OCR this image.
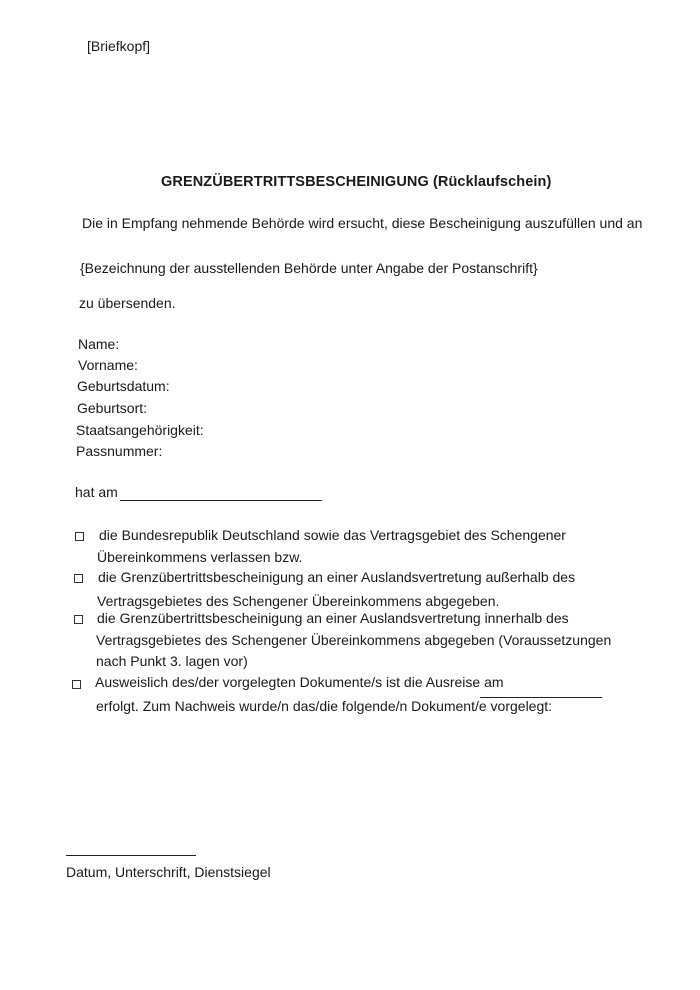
[Briefkopf]
GRENZÜBERTRITTSBESCHEINIGUNG (Rücklaufschein)
Die in Empfang nehmende Behörde wird ersucht, diese Bescheinigung auszufüllen und an
{Bezeichnung der ausstellenden Behörde unter Angabe der Postanschrift}
zu übersenden.
Name:
Vorname:
Geburtsdatum:
Geburtsort:
Staatsangehörigkeit:
Passnummer:
hat am
die Bundesrepublik Deutschland sowie das Vertragsgebiet des Schengener
Übereinkommens verlassen bzw.
die Grenzübertrittsbescheinigung an einer Auslandsvertretung außerhalb des
Vertragsgebietes des Schengener Übereinkommens abgegeben.
die Grenzübertrittsbescheinigung an einer Auslandsvertretung innerhalb des
Vertragsgebietes des Schengener Übereinkommens abgegeben (Voraussetzungen
nach Punkt 3. lagen vor)
Ausweislich des/der vorgelegten Dokumente/s ist die Ausreise am
erfolgt. Zum Nachweis wurde/n das/die folgende/n Dokument/e vorgelegt:
Datum, Unterschrift, Dienstsiegel
